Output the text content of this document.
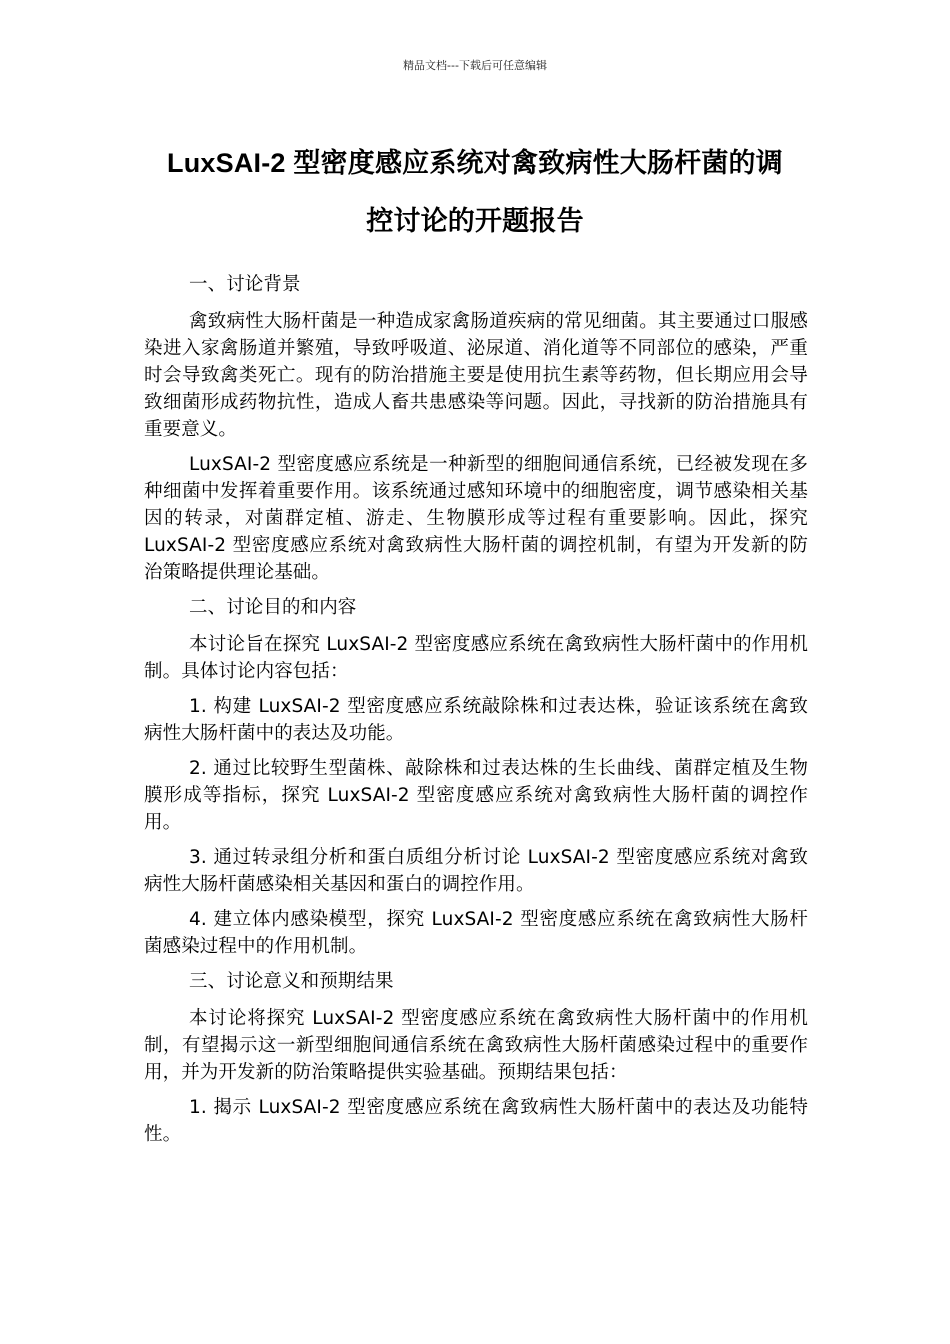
精品文档---下载后可任意编辑
LuxSAI-2 型密度感应系统对禽致病性大肠杆菌的调
控讨论的开题报告

一、讨论背景

禽致病性大肠杆菌是一种造成家禽肠道疾病的常见细菌。其主要通过口服感染进入家禽肠道并繁殖，导致呼吸道、泌尿道、消化道等不同部位的感染，严重时会导致禽类死亡。现有的防治措施主要是使用抗生素等药物，但长期应用会导致细菌形成药物抗性，造成人畜共患感染等问题。因此，寻找新的防治措施具有重要意义。

LuxSAI-2 型密度感应系统是一种新型的细胞间通信系统，已经被发现在多种细菌中发挥着重要作用。该系统通过感知环境中的细胞密度，调节感染相关基因的转录，对菌群定植、游走、生物膜形成等过程有重要影响。因此，探究 LuxSAI-2 型密度感应系统对禽致病性大肠杆菌的调控机制，有望为开发新的防治策略提供理论基础。

二、讨论目的和内容

本讨论旨在探究 LuxSAI-2 型密度感应系统在禽致病性大肠杆菌中的作用机制。具体讨论内容包括：

1. 构建 LuxSAI-2 型密度感应系统敲除株和过表达株，验证该系统在禽致病性大肠杆菌中的表达及功能。

2. 通过比较野生型菌株、敲除株和过表达株的生长曲线、菌群定植及生物膜形成等指标，探究 LuxSAI-2 型密度感应系统对禽致病性大肠杆菌的调控作用。

3. 通过转录组分析和蛋白质组分析讨论 LuxSAI-2 型密度感应系统对禽致病性大肠杆菌感染相关基因和蛋白的调控作用。

4. 建立体内感染模型，探究 LuxSAI-2 型密度感应系统在禽致病性大肠杆菌感染过程中的作用机制。

三、讨论意义和预期结果

本讨论将探究 LuxSAI-2 型密度感应系统在禽致病性大肠杆菌中的作用机制，有望揭示这一新型细胞间通信系统在禽致病性大肠杆菌感染过程中的重要作用，并为开发新的防治策略提供实验基础。预期结果包括：

1. 揭示 LuxSAI-2 型密度感应系统在禽致病性大肠杆菌中的表达及功能特性。
